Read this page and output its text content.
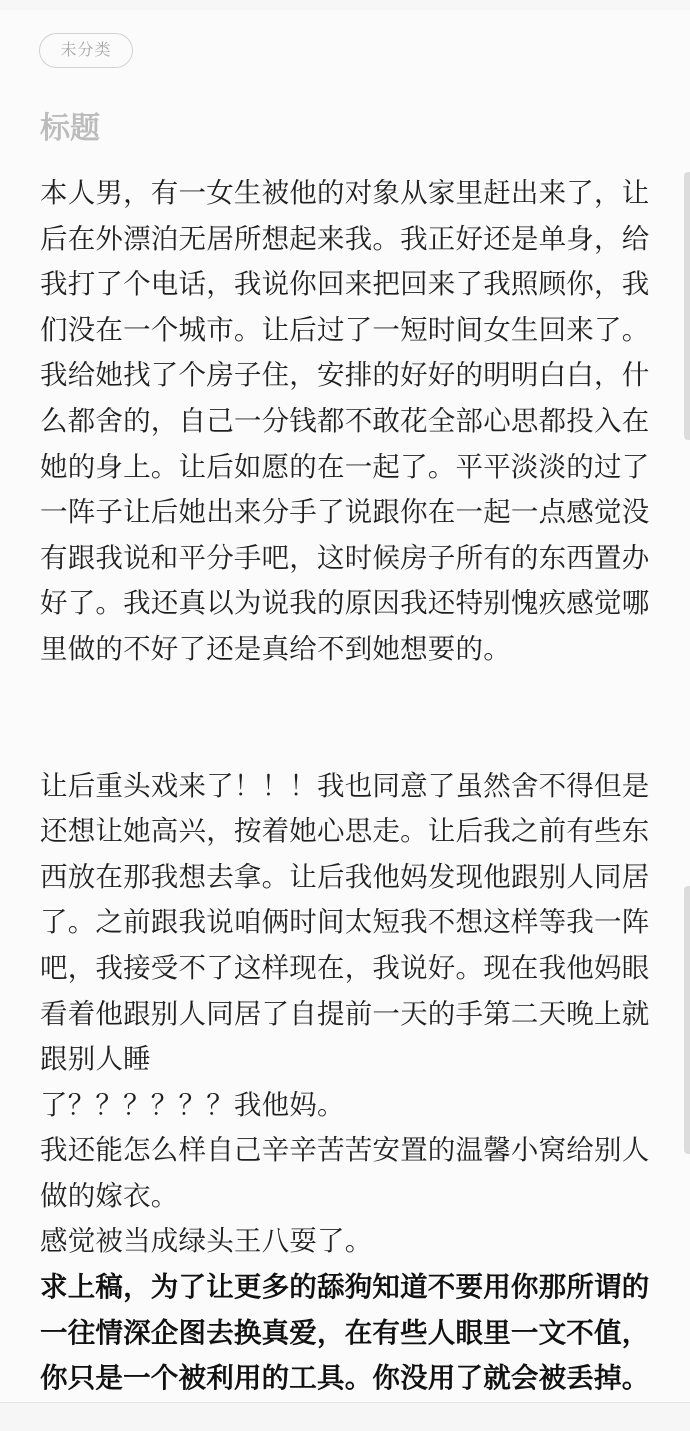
未分类
标题

本人男，有一女生被他的对象从家里赶出来了，让后在外漂泊无居所想起来我。我正好还是单身，给我打了个电话，我说你回来把回来了我照顾你，我们没在一个城市。让后过了一短时间女生回来了。我给她找了个房子住，安排的好好的明明白白，什么都舍的，自己一分钱都不敢花全部心思都投入在她的身上。让后如愿的在一起了。平平淡淡的过了一阵子让后她出来分手了说跟你在一起一点感觉没有跟我说和平分手吧，这时候房子所有的东西置办好了。我还真以为说我的原因我还特别愧疚感觉哪里做的不好了还是真给不到她想要的。

让后重头戏来了！！！我也同意了虽然舍不得但是还想让她高兴，按着她心思走。让后我之前有些东西放在那我想去拿。让后我他妈发现他跟别人同居了。之前跟我说咱俩时间太短我不想这样等我一阵吧，我接受不了这样现在，我说好。现在我他妈眼看着他跟别人同居了自提前一天的手第二天晚上就跟别人睡

了？？？？？？我他妈。

我还能怎么样自己辛辛苦苦安置的温馨小窝给别人做的嫁衣。

感觉被当成绿头王八耍了。

求上稿，为了让更多的舔狗知道不要用你那所谓的一往情深企图去换真爱，在有些人眼里一文不值，你只是一个被利用的工具。你没用了就会被丢掉。
